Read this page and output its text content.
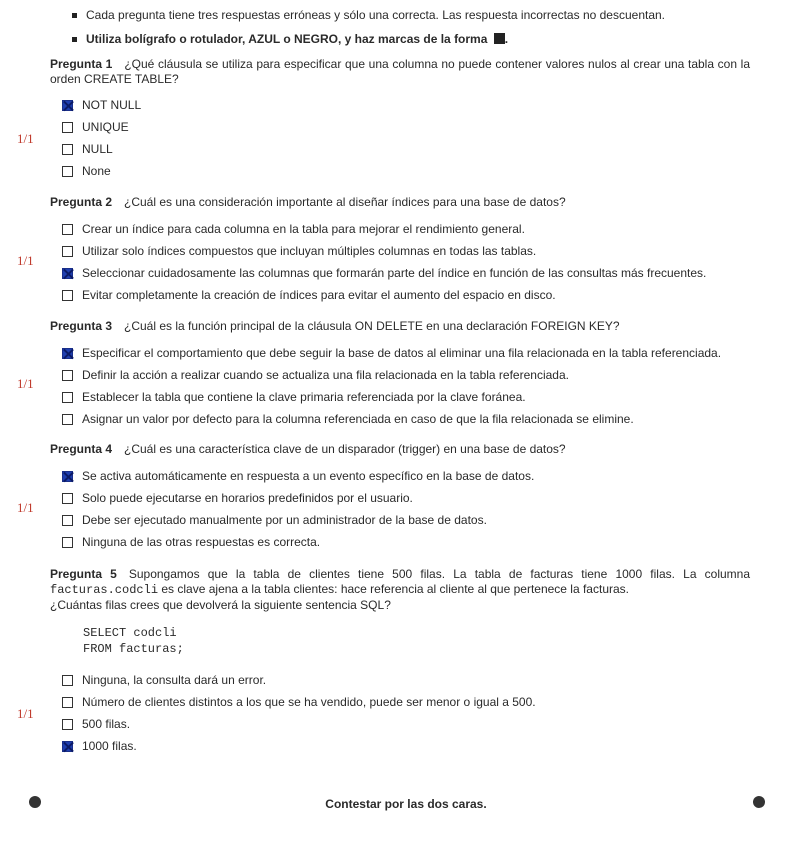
Cada pregunta tiene tres respuestas erróneas y sólo una correcta. Las respuesta incorrectas no descuentan.
Utiliza bolígrafo o rotulador, AZUL o NEGRO, y haz marcas de la forma .
Pregunta 1 ¿Qué cláusula se utiliza para especificar que una columna no puede contener valores nulos al crear una tabla con la orden CREATE TABLE?
NOT NULL
UNIQUE
NULL
None
1/1
Pregunta 2 ¿Cuál es una consideración importante al diseñar índices para una base de datos?
Crear un índice para cada columna en la tabla para mejorar el rendimiento general.
Utilizar solo índices compuestos que incluyan múltiples columnas en todas las tablas.
Seleccionar cuidadosamente las columnas que formarán parte del índice en función de las consultas más frecuentes.
Evitar completamente la creación de índices para evitar el aumento del espacio en disco.
1/1
Pregunta 3 ¿Cuál es la función principal de la cláusula ON DELETE en una declaración FOREIGN KEY?
Especificar el comportamiento que debe seguir la base de datos al eliminar una fila relacionada en la tabla referenciada.
Definir la acción a realizar cuando se actualiza una fila relacionada en la tabla referenciada.
Establecer la tabla que contiene la clave primaria referenciada por la clave foránea.
Asignar un valor por defecto para la columna referenciada en caso de que la fila relacionada se elimine.
1/1
Pregunta 4 ¿Cuál es una característica clave de un disparador (trigger) en una base de datos?
Se activa automáticamente en respuesta a un evento específico en la base de datos.
Solo puede ejecutarse en horarios predefinidos por el usuario.
Debe ser ejecutado manualmente por un administrador de la base de datos.
Ninguna de las otras respuestas es correcta.
1/1
Pregunta 5 Supongamos que la tabla de clientes tiene 500 filas. La tabla de facturas tiene 1000 filas. La columna facturas.codcli es clave ajena a la tabla clientes: hace referencia al cliente al que pertenece la facturas.
¿Cuántas filas crees que devolverá la siguiente sentencia SQL?
SELECT codcli
FROM facturas;
Ninguna, la consulta dará un error.
Número de clientes distintos a los que se ha vendido, puede ser menor o igual a 500.
500 filas.
1000 filas.
1/1
Contestar por las dos caras.
